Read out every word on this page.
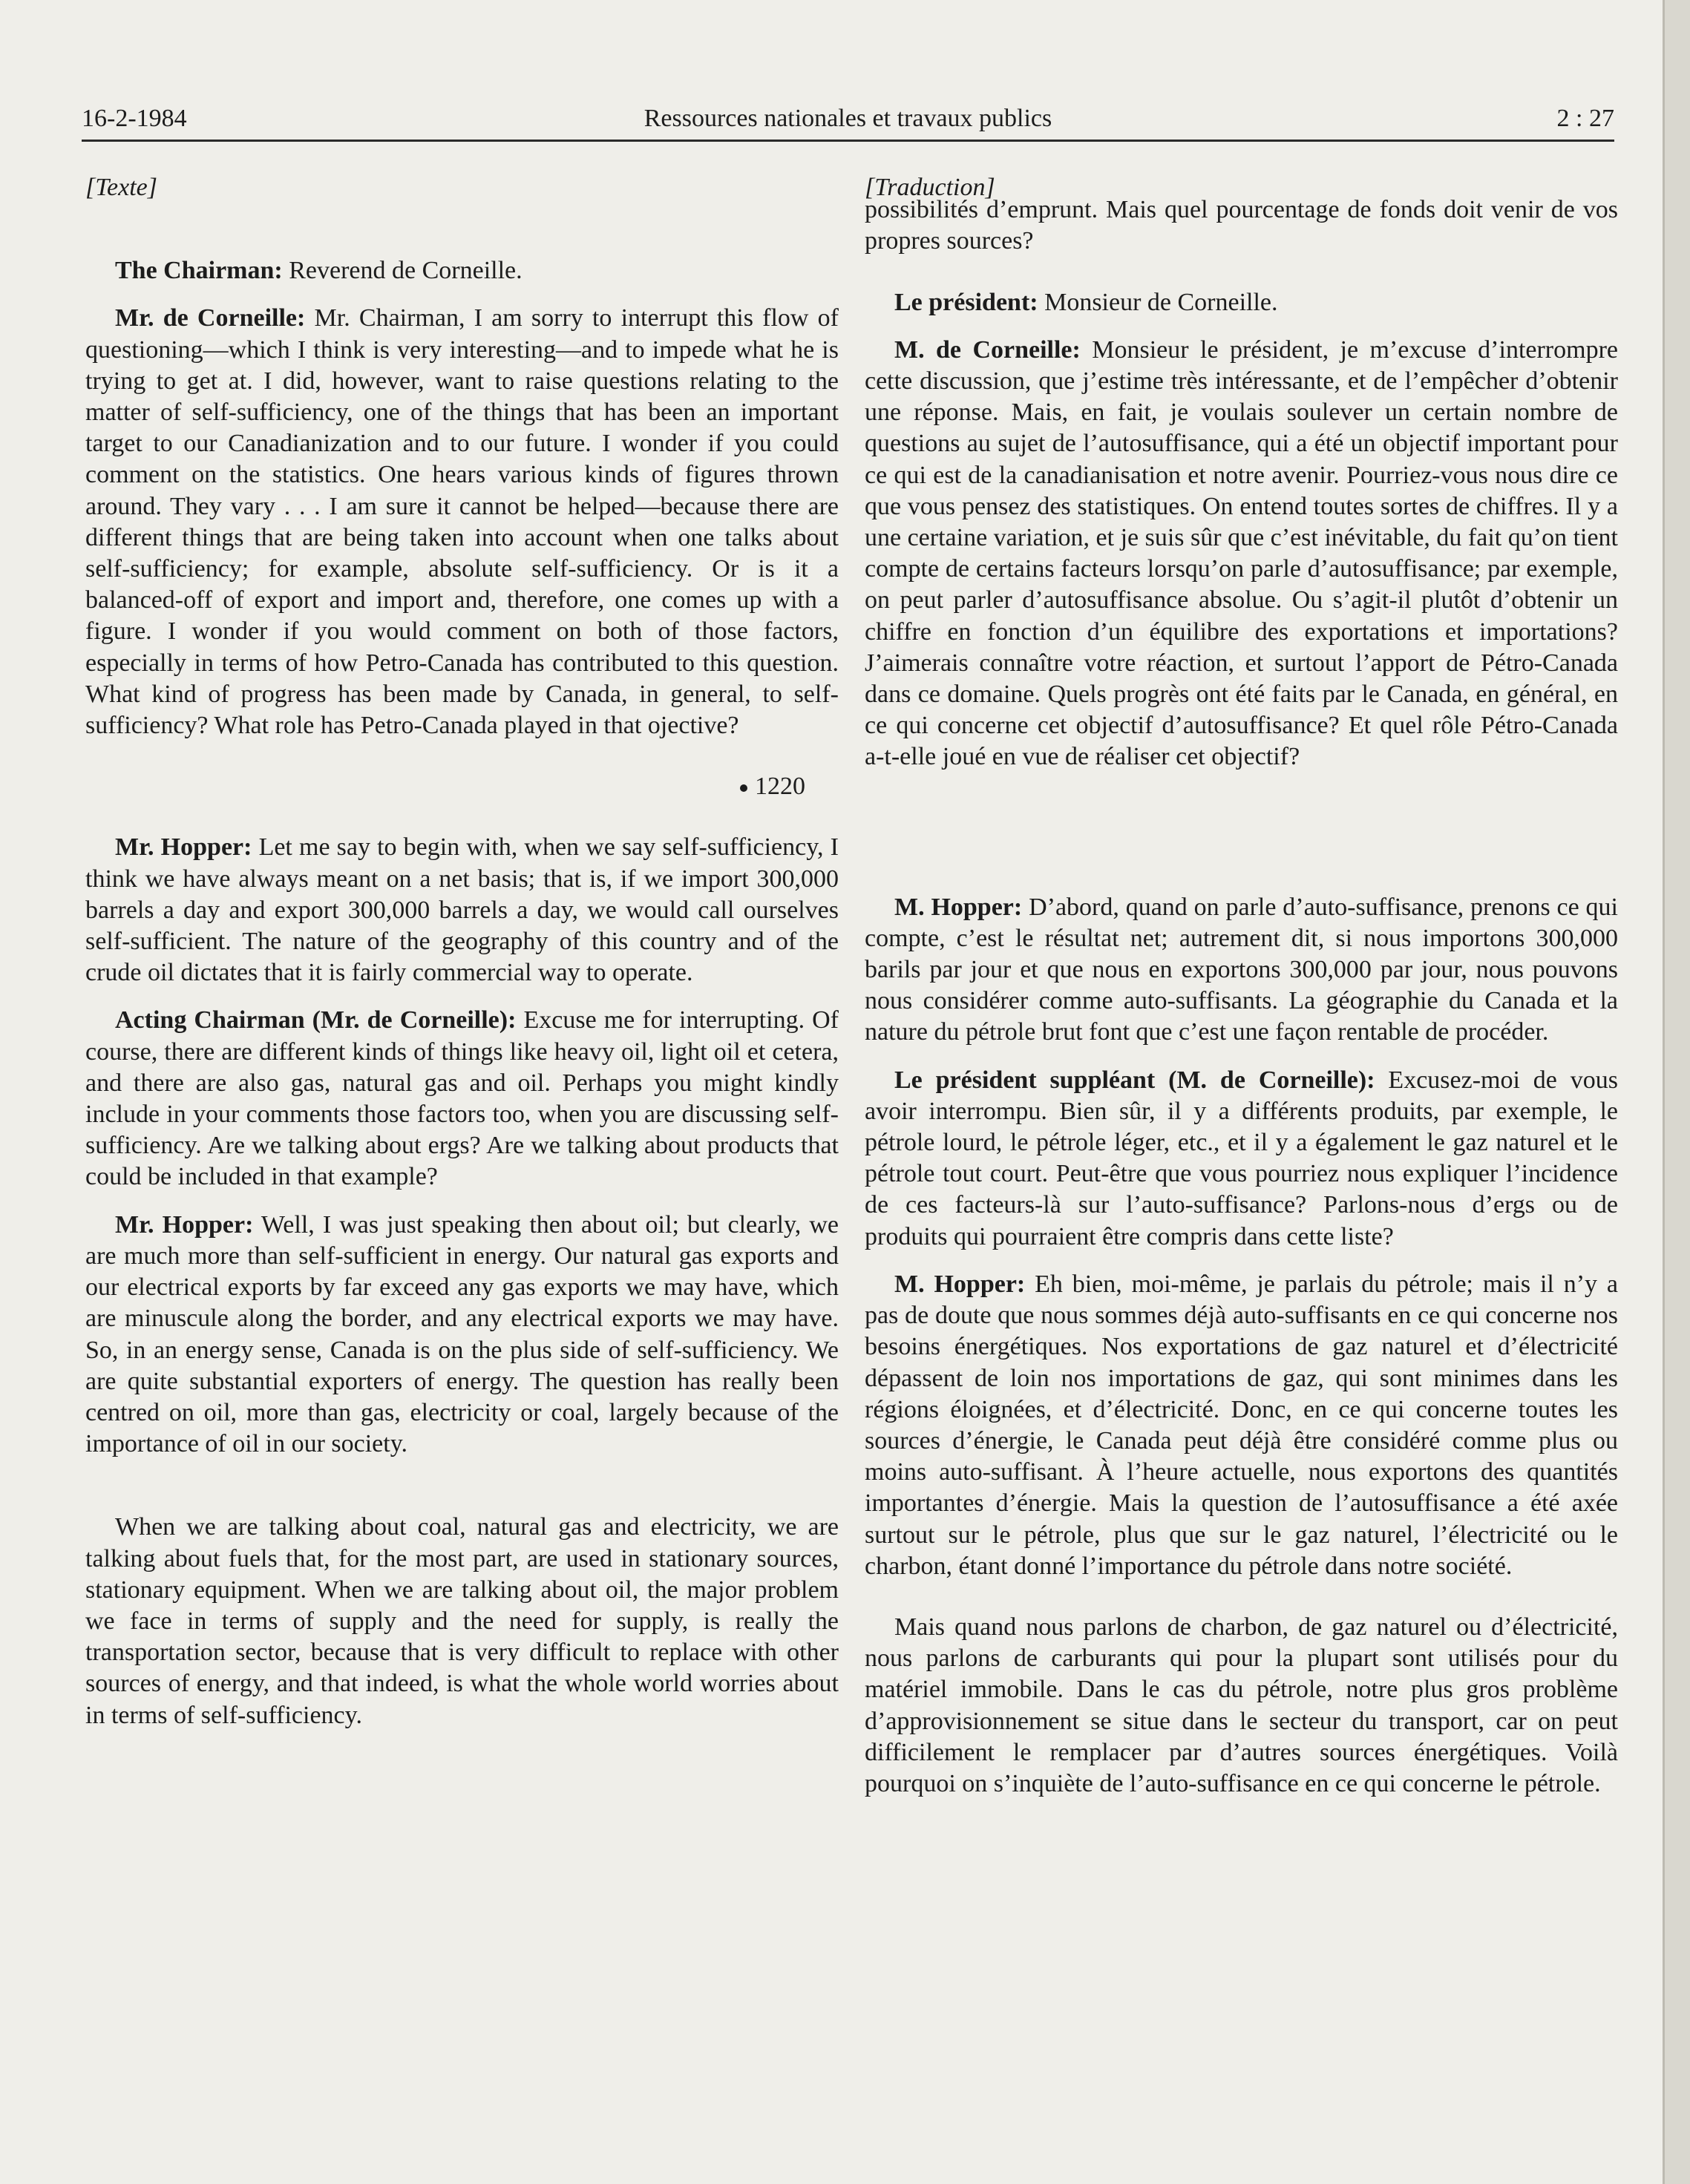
16-2-1984	Ressources nationales et travaux publics	2 : 27

[Texte]

The Chairman: Reverend de Corneille.

Mr. de Corneille: Mr. Chairman, I am sorry to interrupt this flow of questioning—which I think is very interesting—and to impede what he is trying to get at. I did, however, want to raise questions relating to the matter of self-sufficiency, one of the things that has been an important target to our Canadianization and to our future. I wonder if you could comment on the statistics. One hears various kinds of figures thrown around. They vary . . . I am sure it cannot be helped—because there are different things that are being taken into account when one talks about self-sufficiency; for example, absolute self-sufficiency. Or is it a balanced-off of export and import and, therefore, one comes up with a figure. I wonder if you would comment on both of those factors, especially in terms of how Petro-Canada has contributed to this question. What kind of progress has been made by Canada, in general, to self-sufficiency? What role has Petro-Canada played in that ojective?

1220

Mr. Hopper: Let me say to begin with, when we say self-sufficiency, I think we have always meant on a net basis; that is, if we import 300,000 barrels a day and export 300,000 barrels a day, we would call ourselves self-sufficient. The nature of the geography of this country and of the crude oil dictates that it is fairly commercial way to operate.

Acting Chairman (Mr. de Corneille): Excuse me for interrupting. Of course, there are different kinds of things like heavy oil, light oil et cetera, and there are also gas, natural gas and oil. Perhaps you might kindly include in your comments those factors too, when you are discussing self-sufficiency. Are we talking about ergs? Are we talking about products that could be included in that example?

Mr. Hopper: Well, I was just speaking then about oil; but clearly, we are much more than self-sufficient in energy. Our natural gas exports and our electrical exports by far exceed any gas exports we may have, which are minuscule along the border, and any electrical exports we may have. So, in an energy sense, Canada is on the plus side of self-sufficiency. We are quite substantial exporters of energy. The question has really been centred on oil, more than gas, electricity or coal, largely because of the importance of oil in our society.

When we are talking about coal, natural gas and electricity, we are talking about fuels that, for the most part, are used in stationary sources, stationary equipment. When we are talking about oil, the major problem we face in terms of supply and the need for supply, is really the transportation sector, because that is very difficult to replace with other sources of energy, and that indeed, is what the whole world worries about in terms of self-sufficiency.

[Traduction]

possibilités d’emprunt. Mais quel pourcentage de fonds doit venir de vos propres sources?

Le président: Monsieur de Corneille.

M. de Corneille: Monsieur le président, je m’excuse d’interrompre cette discussion, que j’estime très intéressante, et de l’empêcher d’obtenir une réponse. Mais, en fait, je voulais soulever un certain nombre de questions au sujet de l’autosuffisance, qui a été un objectif important pour ce qui est de la canadianisation et notre avenir. Pourriez-vous nous dire ce que vous pensez des statistiques. On entend toutes sortes de chiffres. Il y a une certaine variation, et je suis sûr que c’est inévitable, du fait qu’on tient compte de certains facteurs lorsqu’on parle d’autosuffisance; par exemple, on peut parler d’autosuffisance absolue. Ou s’agit-il plutôt d’obtenir un chiffre en fonction d’un équilibre des exportations et importations? J’aimerais connaître votre réaction, et surtout l’apport de Pétro-Canada dans ce domaine. Quels progrès ont été faits par le Canada, en général, en ce qui concerne cet objectif d’autosuffisance? Et quel rôle Pétro-Canada a-t-elle joué en vue de réaliser cet objectif?

M. Hopper: D’abord, quand on parle d’auto-suffisance, prenons ce qui compte, c’est le résultat net; autrement dit, si nous importons 300,000 barils par jour et que nous en exportons 300,000 par jour, nous pouvons nous considérer comme auto-suffisants. La géographie du Canada et la nature du pétrole brut font que c’est une façon rentable de procéder.

Le président suppléant (M. de Corneille): Excusez-moi de vous avoir interrompu. Bien sûr, il y a différents produits, par exemple, le pétrole lourd, le pétrole léger, etc., et il y a également le gaz naturel et le pétrole tout court. Peut-être que vous pourriez nous expliquer l’incidence de ces facteurs-là sur l’auto-suffisance? Parlons-nous d’ergs ou de produits qui pourraient être compris dans cette liste?

M. Hopper: Eh bien, moi-même, je parlais du pétrole; mais il n’y a pas de doute que nous sommes déjà auto-suffisants en ce qui concerne nos besoins énergétiques. Nos exportations de gaz naturel et d’électricité dépassent de loin nos importations de gaz, qui sont minimes dans les régions éloignées, et d’électricité. Donc, en ce qui concerne toutes les sources d’énergie, le Canada peut déjà être considéré comme plus ou moins auto-suffisant. À l’heure actuelle, nous exportons des quantités importantes d’énergie. Mais la question de l’autosuffisance a été axée surtout sur le pétrole, plus que sur le gaz naturel, l’électricité ou le charbon, étant donné l’importance du pétrole dans notre société.

Mais quand nous parlons de charbon, de gaz naturel ou d’électricité, nous parlons de carburants qui pour la plupart sont utilisés pour du matériel immobile. Dans le cas du pétrole, notre plus gros problème d’approvisionnement se situe dans le secteur du transport, car on peut difficilement le remplacer par d’autres sources énergétiques. Voilà pourquoi on s’inquiète de l’auto-suffisance en ce qui concerne le pétrole.
